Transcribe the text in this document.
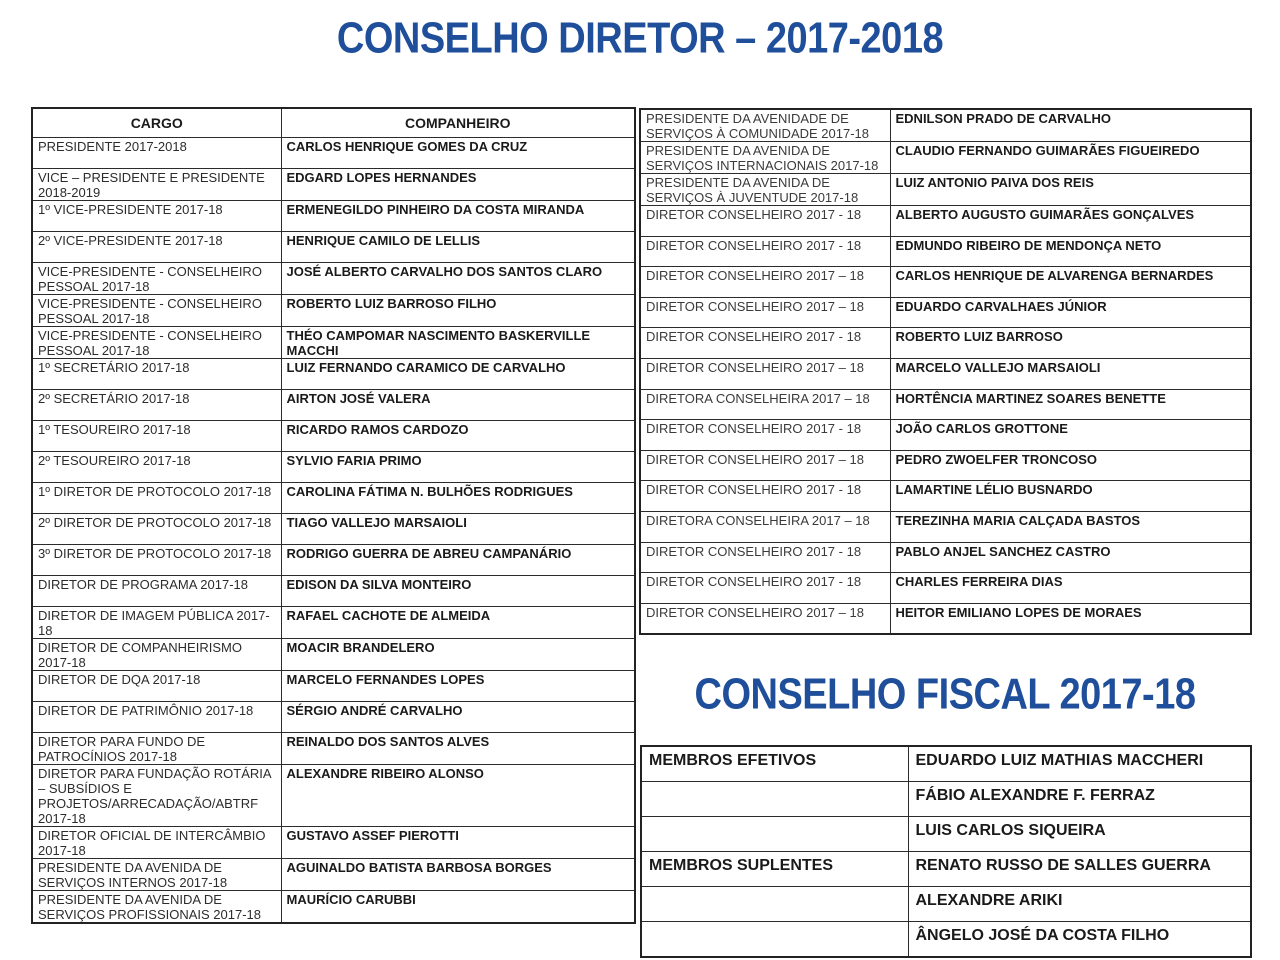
CONSELHO DIRETOR – 2017-2018
CARGO	COMPANHEIRO
PRESIDENTE 2017-2018	CARLOS HENRIQUE GOMES DA CRUZ
VICE – PRESIDENTE E PRESIDENTE 2018-2019	EDGARD LOPES HERNANDES
1º VICE-PRESIDENTE 2017-18	ERMENEGILDO PINHEIRO DA COSTA MIRANDA
2º VICE-PRESIDENTE 2017-18	HENRIQUE CAMILO DE LELLIS
VICE-PRESIDENTE - CONSELHEIRO PESSOAL 2017-18	JOSÉ ALBERTO CARVALHO DOS SANTOS CLARO
VICE-PRESIDENTE - CONSELHEIRO PESSOAL 2017-18	ROBERTO LUIZ BARROSO FILHO
VICE-PRESIDENTE - CONSELHEIRO PESSOAL 2017-18	THÉO CAMPOMAR NASCIMENTO BASKERVILLE MACCHI
1º SECRETÁRIO 2017-18	LUIZ FERNANDO CARAMICO DE CARVALHO
2º SECRETÁRIO 2017-18	AIRTON JOSÉ VALERA
1º TESOUREIRO 2017-18	RICARDO RAMOS CARDOZO
2º TESOUREIRO 2017-18	SYLVIO FARIA PRIMO
1º DIRETOR DE PROTOCOLO 2017-18	CAROLINA FÁTIMA N. BULHÕES RODRIGUES
2º DIRETOR DE PROTOCOLO 2017-18	TIAGO VALLEJO MARSAIOLI
3º DIRETOR DE PROTOCOLO 2017-18	RODRIGO GUERRA DE ABREU CAMPANÁRIO
DIRETOR DE PROGRAMA 2017-18	EDISON DA SILVA MONTEIRO
DIRETOR DE IMAGEM PÚBLICA 2017-18	RAFAEL CACHOTE DE ALMEIDA
DIRETOR DE COMPANHEIRISMO 2017-18	MOACIR BRANDELERO
DIRETOR DE DQA 2017-18	MARCELO FERNANDES LOPES
DIRETOR DE PATRIMÔNIO 2017-18	SÉRGIO ANDRÉ CARVALHO
DIRETOR PARA FUNDO DE PATROCÍNIOS 2017-18	REINALDO DOS SANTOS ALVES
DIRETOR PARA FUNDAÇÃO ROTÁRIA – SUBSÍDIOS E PROJETOS/ARRECADAÇÃO/ABTRF 2017-18	ALEXANDRE RIBEIRO ALONSO
DIRETOR OFICIAL DE INTERCÂMBIO 2017-18	GUSTAVO ASSEF PIEROTTI
PRESIDENTE DA AVENIDA DE SERVIÇOS INTERNOS 2017-18	AGUINALDO BATISTA BARBOSA BORGES
PRESIDENTE DA AVENIDA DE SERVIÇOS PROFISSIONAIS 2017-18	MAURÍCIO CARUBBI
PRESIDENTE DA AVENIDADE DE SERVIÇOS À COMUNIDADE 2017-18	EDNILSON PRADO DE CARVALHO
PRESIDENTE DA AVENIDA DE SERVIÇOS INTERNACIONAIS 2017-18	CLAUDIO FERNANDO GUIMARÃES FIGUEIREDO
PRESIDENTE DA AVENIDA DE SERVIÇOS À JUVENTUDE 2017-18	LUIZ ANTONIO PAIVA DOS REIS
DIRETOR CONSELHEIRO 2017 - 18	ALBERTO AUGUSTO GUIMARÃES GONÇALVES
DIRETOR CONSELHEIRO 2017 - 18	EDMUNDO RIBEIRO DE MENDONÇA NETO
DIRETOR CONSELHEIRO 2017 – 18	CARLOS HENRIQUE DE ALVARENGA BERNARDES
DIRETOR CONSELHEIRO 2017 – 18	EDUARDO CARVALHAES JÚNIOR
DIRETOR CONSELHEIRO 2017 - 18	ROBERTO LUIZ BARROSO
DIRETOR CONSELHEIRO 2017 – 18	MARCELO VALLEJO MARSAIOLI
DIRETORA CONSELHEIRA 2017 – 18	HORTÊNCIA MARTINEZ SOARES BENETTE
DIRETOR CONSELHEIRO 2017 - 18	JOÃO CARLOS GROTTONE
DIRETOR CONSELHEIRO 2017 – 18	PEDRO ZWOELFER TRONCOSO
DIRETOR CONSELHEIRO 2017 - 18	LAMARTINE LÉLIO BUSNARDO
DIRETORA CONSELHEIRA 2017 – 18	TEREZINHA MARIA CALÇADA BASTOS
DIRETOR CONSELHEIRO 2017 - 18	PABLO ANJEL SANCHEZ CASTRO
DIRETOR CONSELHEIRO 2017 - 18	CHARLES FERREIRA DIAS
DIRETOR CONSELHEIRO 2017 – 18	HEITOR EMILIANO LOPES DE MORAES
CONSELHO FISCAL 2017-18
MEMBROS EFETIVOS	EDUARDO LUIZ MATHIAS MACCHERI
	FÁBIO ALEXANDRE F. FERRAZ
	LUIS CARLOS SIQUEIRA
MEMBROS SUPLENTES	RENATO RUSSO DE SALLES GUERRA
	ALEXANDRE ARIKI
	ÂNGELO JOSÉ DA COSTA FILHO
